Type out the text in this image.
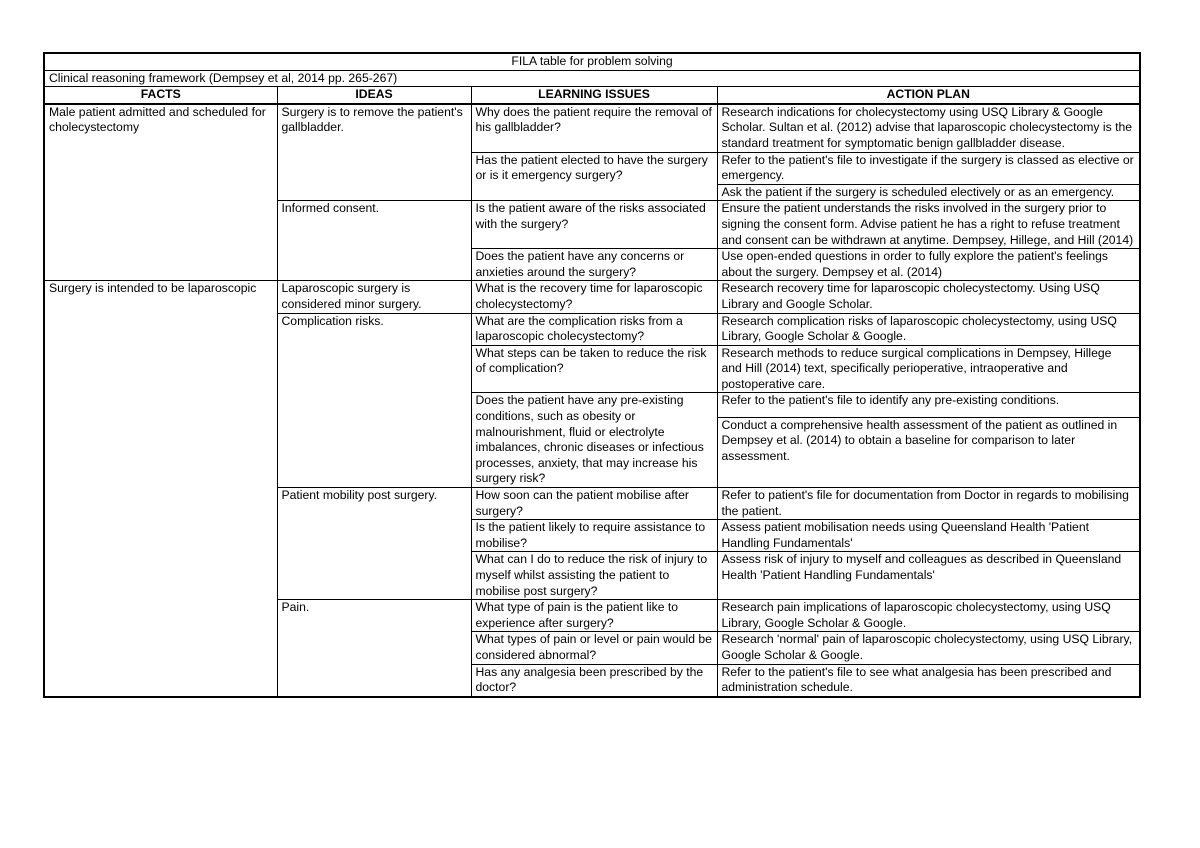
FILA table for problem solving			
Clinical reasoning framework (Dempsey et al, 2014 pp. 265-267)			
FACTS	IDEAS	LEARNING ISSUES	ACTION PLAN
Male patient admitted and scheduled for cholecystectomy	Surgery is to remove the patient's gallbladder.	Why does the patient require the removal of his gallbladder?	Research indications for cholecystectomy using USQ Library & Google Scholar. Sultan et al. (2012) advise that laparoscopic cholecystectomy is the standard treatment for symptomatic benign gallbladder disease.
		Has the patient elected to have the surgery or is it emergency surgery?	Refer to the patient's file to investigate if the surgery is classed as elective or emergency.
			Ask the patient if the surgery is scheduled electively or as an emergency.
	Informed consent.	Is the patient aware of the risks associated with the surgery?	Ensure the patient understands the risks involved in the surgery prior to signing the consent form. Advise patient he has a right to refuse treatment and consent can be withdrawn at anytime. Dempsey, Hillege, and Hill (2014)
		Does the patient have any concerns or anxieties around the surgery?	Use open-ended questions in order to fully explore the patient's feelings about the surgery. Dempsey et al. (2014)
Surgery is intended to be laparoscopic	Laparoscopic surgery is considered minor surgery.	What is the recovery time for laparoscopic cholecystectomy?	Research recovery time for laparoscopic cholecystectomy. Using USQ Library and Google Scholar.
	Complication risks.	What are the complication risks from a laparoscopic cholecystectomy?	Research complication risks of laparoscopic cholecystectomy, using USQ Library, Google Scholar & Google.
		What steps can be taken to reduce the risk of complication?	Research methods to reduce surgical complications in Dempsey, Hillege and Hill (2014) text, specifically perioperative, intraoperative and postoperative care.
		Does the patient have any pre-existing conditions, such as obesity or malnourishment, fluid or electrolyte imbalances, chronic diseases or infectious processes, anxiety, that may increase his surgery risk?	Refer to the patient's file to identify any pre-existing conditions.
			Conduct a comprehensive health assessment of the patient as outlined in Dempsey et al. (2014) to obtain a baseline for comparison to later assessment.
	Patient mobility post surgery.	How soon can the patient mobilise after surgery?	Refer to patient's file for documentation from Doctor in regards to mobilising the patient.
		Is the patient likely to require assistance to mobilise?	Assess patient mobilisation needs using Queensland Health 'Patient Handling Fundamentals'
		What can I do to reduce the risk of injury to myself whilst assisting the patient to mobilise post surgery?	Assess risk of injury to myself and colleagues as described in Queensland Health 'Patient Handling Fundamentals'
	Pain.	What type of pain is the patient like to experience after surgery?	Research pain implications of laparoscopic cholecystectomy, using USQ Library, Google Scholar & Google.
		What types of pain or level or pain would be considered abnormal?	Research 'normal' pain of laparoscopic cholecystectomy, using USQ Library, Google Scholar & Google.
		Has any analgesia been prescribed by the doctor?	Refer to the patient's file to see what analgesia has been prescribed and administration schedule.
